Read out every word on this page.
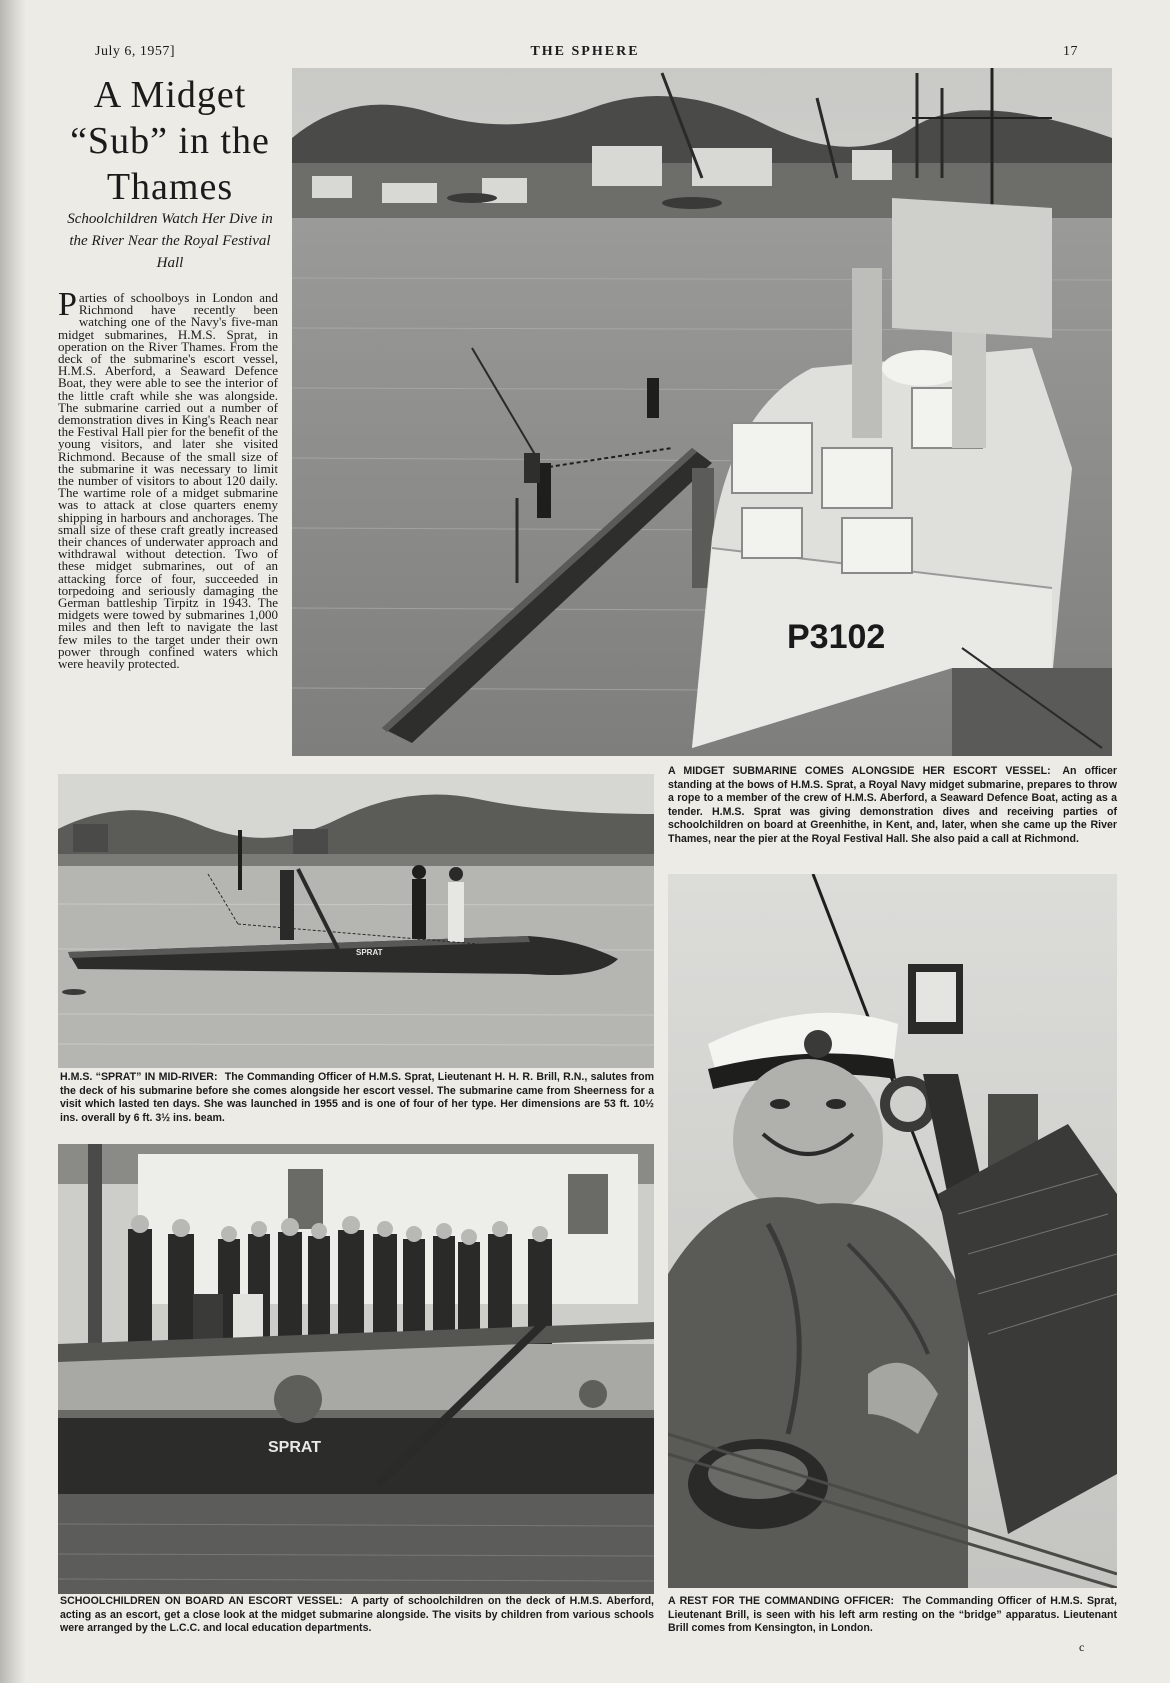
July 6, 1957]	THE SPHERE	17
A Midget
“Sub” in the
Thames
Schoolchildren Watch Her Dive in the River Near the Royal Festival Hall
Parties of schoolboys in London and Richmond have recently been watching one of the Navy's five-man midget submarines, H.M.S. Sprat, in operation on the River Thames. From the deck of the submarine's escort vessel, H.M.S. Aberford, a Seaward Defence Boat, they were able to see the interior of the little craft while she was alongside. The submarine carried out a number of demonstration dives in King's Reach near the Festival Hall pier for the benefit of the young visitors, and later she visited Richmond. Because of the small size of the submarine it was necessary to limit the number of visitors to about 120 daily. The wartime role of a midget submarine was to attack at close quarters enemy shipping in harbours and anchorages. The small size of these craft greatly increased their chances of underwater approach and withdrawal without detection. Two of these midget submarines, out of an attacking force of four, succeeded in torpedoing and seriously damaging the German battleship Tirpitz in 1943. The midgets were towed by submarines 1,000 miles and then left to navigate the last few miles to the target under their own power through confined waters which were heavily protected.
P3102
SPRAT
SPRAT
A MIDGET SUBMARINE COMES ALONGSIDE HER ESCORT VESSEL: An officer standing at the bows of H.M.S. Sprat, a Royal Navy midget submarine, prepares to throw a rope to a member of the crew of H.M.S. Aberford, a Seaward Defence Boat, acting as a tender. H.M.S. Sprat was giving demonstration dives and receiving parties of schoolchildren on board at Greenhithe, in Kent, and, later, when she came up the River Thames, near the pier at the Royal Festival Hall. She also paid a call at Richmond.
H.M.S. “SPRAT” IN MID-RIVER: The Commanding Officer of H.M.S. Sprat, Lieutenant H. H. R. Brill, R.N., salutes from the deck of his submarine before she comes alongside her escort vessel. The submarine came from Sheerness for a visit which lasted ten days. She was launched in 1955 and is one of four of her type. Her dimensions are 53 ft. 10½ ins. overall by 6 ft. 3½ ins. beam.
SCHOOLCHILDREN ON BOARD AN ESCORT VESSEL: A party of schoolchildren on the deck of H.M.S. Aberford, acting as an escort, get a close look at the midget submarine alongside. The visits by children from various schools were arranged by the L.C.C. and local education departments.
A REST FOR THE COMMANDING OFFICER: The Commanding Officer of H.M.S. Sprat, Lieutenant Brill, is seen with his left arm resting on the “bridge” apparatus. Lieutenant Brill comes from Kensington, in London.
c
